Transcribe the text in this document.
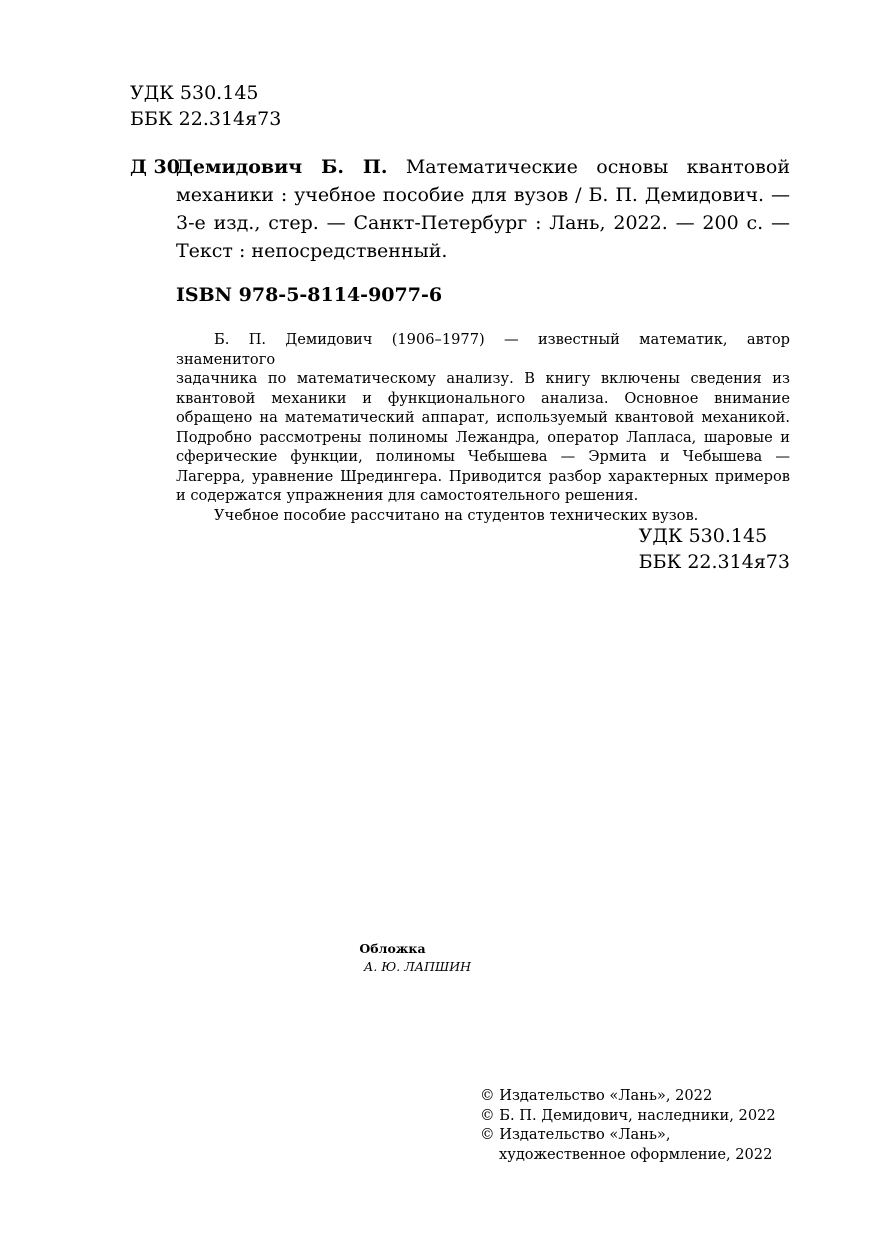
УДК 530.145
ББК 22.314я73
Д 30
Демидович Б. П. Математические основы квантовой
механики : учебное пособие для вузов / Б. П. Демидович. —
3-е изд., стер. — Санкт-Петербург : Лань, 2022. — 200 с. —
Текст : непосредственный.
ISBN 978-5-8114-9077-6
Б. П. Демидович (1906–1977) — известный математик, автор знаменитого
задачника по математическому анализу. В книгу включены сведения из
квантовой механики и функционального анализа. Основное внимание
обращено на математический аппарат, используемый квантовой механикой.
Подробно рассмотрены полиномы Лежандра, оператор Лапласа, шаровые и
сферические функции, полиномы Чебышева — Эрмита и Чебышева —
Лагерра, уравнение Шредингера. Приводится разбор характерных примеров
и содержатся упражнения для самостоятельного решения.

Учебное пособие рассчитано на студентов технических вузов.

УДК 530.145
ББК 22.314я73
Обложка
А. Ю. ЛАПШИН
© Издательство «Лань», 2022
© Б. П. Демидович, наследники, 2022
© Издательство «Лань»,
художественное оформление, 2022
